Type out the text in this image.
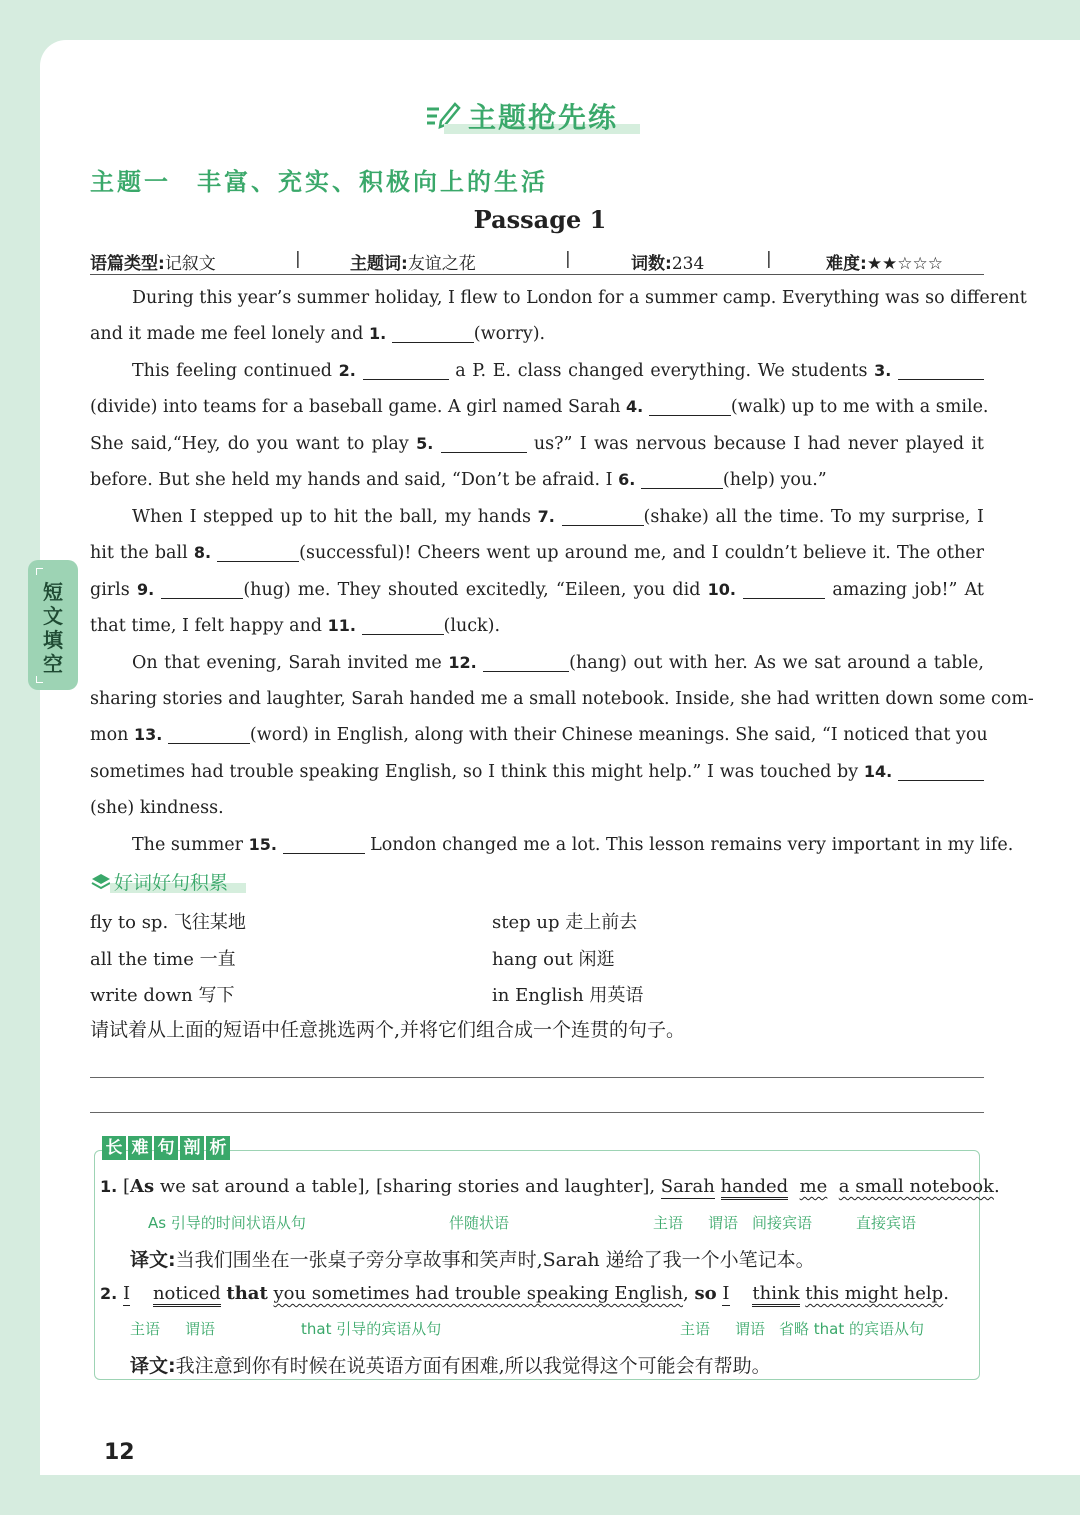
主题抢先练
主题一 丰富、充实、积极向上的生活
Passage 1
语篇类型:记叙文	|	主题词:友谊之花	|	词数:234	|	难度:★★☆☆☆
短文填空
During this year’s summer holiday, I flew to London for a summer camp. Everything was so different
and it made me feel lonely and 1.	(worry).
This feeling continued 2.	a P. E. class changed everything. We students 3.
(divide) into teams for a baseball game. A girl named Sarah 4.	(walk) up to me with a smile.
She said,“Hey, do you want to play 5.	us?” I was nervous because I had never played it
before. But she held my hands and said, “Don’t be afraid. I 6.	(help) you.”
When I stepped up to hit the ball, my hands 7.	(shake) all the time. To my surprise, I
hit the ball 8.	(successful)! Cheers went up around me, and I couldn’t believe it. The other
girls 9.	(hug) me. They shouted excitedly, “Eileen, you did 10.	amazing job!” At
that time, I felt happy and 11.	(luck).
On that evening, Sarah invited me 12.	(hang) out with her. As we sat around a table,
sharing stories and laughter, Sarah handed me a small notebook. Inside, she had written down some com-
mon 13.	(word) in English, along with their Chinese meanings. She said, “I noticed that you
sometimes had trouble speaking English, so I think this might help.” I was touched by 14.
(she) kindness.
The summer 15.	London changed me a lot. This lesson remains very important in my life.
好词好句积累
fly to sp. 飞往某地	step up 走上前去
all the time 一直	hang out 闲逛
write down 写下	in English 用英语
请试着从上面的短语中任意挑选两个,并将它们组合成一个连贯的句子。
长 难 句 剖 析
1. [As we sat around a table], [sharing stories and laughter], Sarah handed me a small notebook.
As 引导的时间状语从句	伴随状语	主语 谓语 间接宾语	直接宾语
译文:当我们围坐在一张桌子旁分享故事和笑声时,Sarah 递给了我一个小笔记本。
2. I noticed that you sometimes had trouble speaking English, so I think this might help.
主语 谓语	that 引导的宾语从句	主语 谓语 省略 that 的宾语从句
译文:我注意到你有时候在说英语方面有困难,所以我觉得这个可能会有帮助。
12
